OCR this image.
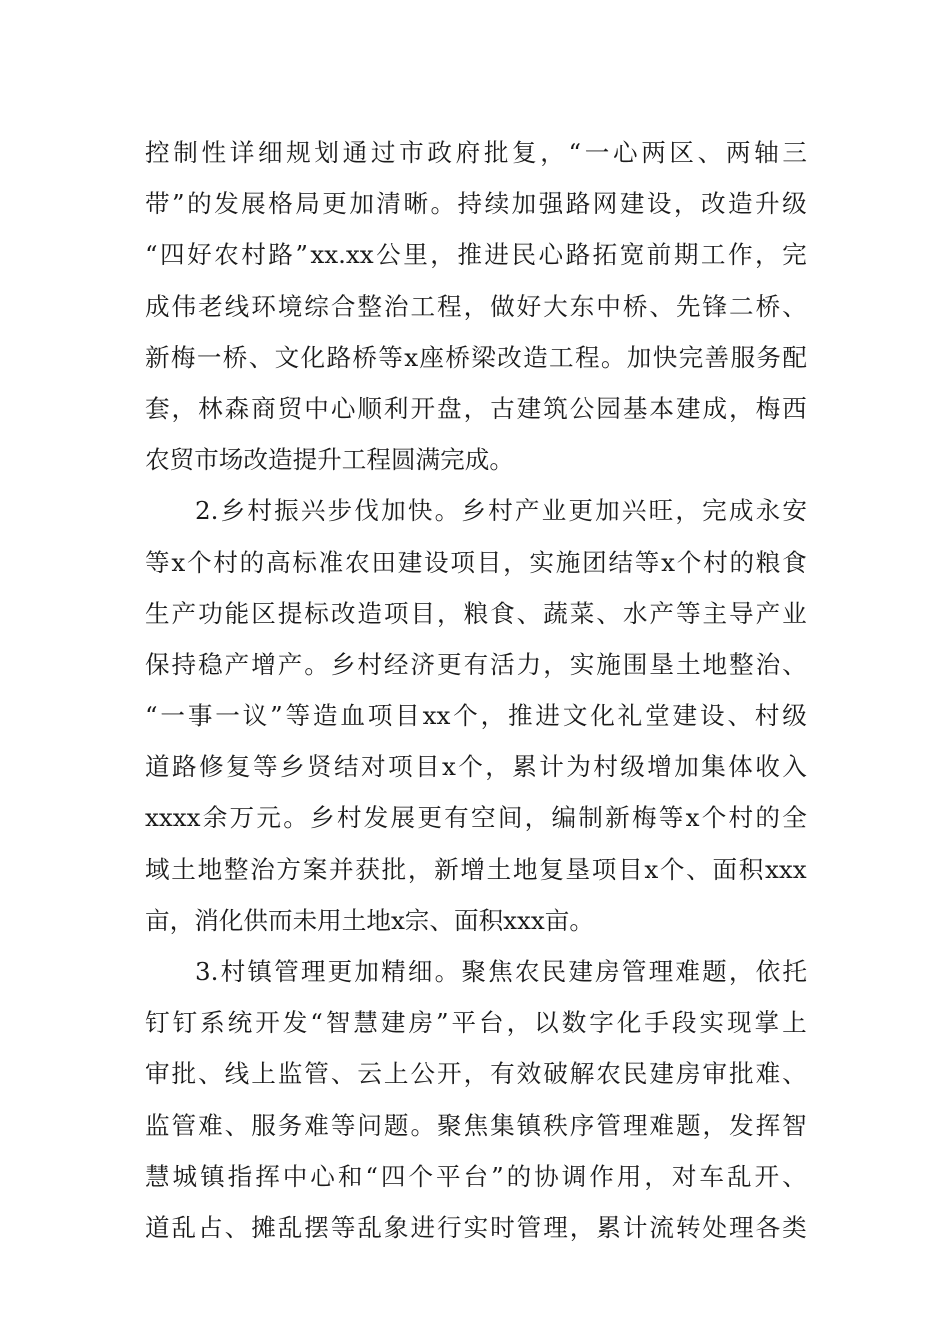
控 制 性 详 细 规 划 通 过 市 政 府 批 复 ， “ 一 心 两 区 、 两 轴 三
带 ” 的 发 展 格 局 更 加 清 晰 。 持 续 加 强 路 网 建 设 ， 改 造 升 级
“ 四 好 农 村 路 ” xx.xx 公 里 ， 推 进 民 心 路 拓 宽 前 期 工 作 ， 完
成 伟 老 线 环 境 综 合 整 治 工 程 ， 做 好 大 东 中 桥 、 先 锋 二 桥 、
新 梅 一 桥 、 文 化 路 桥 等 x 座 桥 梁 改 造 工 程 。 加 快 完 善 服 务 配
套 ， 林 森 商 贸 中 心 顺 利 开 盘 ， 古 建 筑 公 园 基 本 建 成 ， 梅 西
农贸市场改造提升工程圆满完成。
2. 乡 村 振 兴 步 伐 加 快 。 乡 村 产 业 更 加 兴 旺 ， 完 成 永 安
等 x 个 村 的 高 标 准 农 田 建 设 项 目 ， 实 施 团 结 等 x 个 村 的 粮 食
生 产 功 能 区 提 标 改 造 项 目 ， 粮 食 、 蔬 菜 、 水 产 等 主 导 产 业
保 持 稳 产 增 产 。 乡 村 经 济 更 有 活 力 ， 实 施 围 垦 土 地 整 治 、
“ 一 事 一 议 ” 等 造 血 项 目 xx 个 ， 推 进 文 化 礼 堂 建 设 、 村 级
道 路 修 复 等 乡 贤 结 对 项 目 x 个 ， 累 计 为 村 级 增 加 集 体 收 入
xxxx 余 万 元 。 乡 村 发 展 更 有 空 间 ， 编 制 新 梅 等 x 个 村 的 全
域 土 地 整 治 方 案 并 获 批 ， 新 增 土 地 复 垦 项 目 x 个 、 面 积 xxx
亩，消化供而未用土地x宗、面积xxx亩。
3. 村 镇 管 理 更 加 精 细 。 聚 焦 农 民 建 房 管 理 难 题 ， 依 托
钉 钉 系 统 开 发 “ 智 慧 建 房 ” 平 台 ， 以 数 字 化 手 段 实 现 掌 上
审 批 、 线 上 监 管 、 云 上 公 开 ， 有 效 破 解 农 民 建 房 审 批 难 、
监 管 难 、 服 务 难 等 问 题 。 聚 焦 集 镇 秩 序 管 理 难 题 ， 发 挥 智
慧 城 镇 指 挥 中 心 和 “ 四 个 平 台 ” 的 协 调 作 用 ， 对 车 乱 开 、
道 乱 占 、 摊 乱 摆 等 乱 象 进 行 实 时 管 理 ， 累 计 流 转 处 理 各 类
